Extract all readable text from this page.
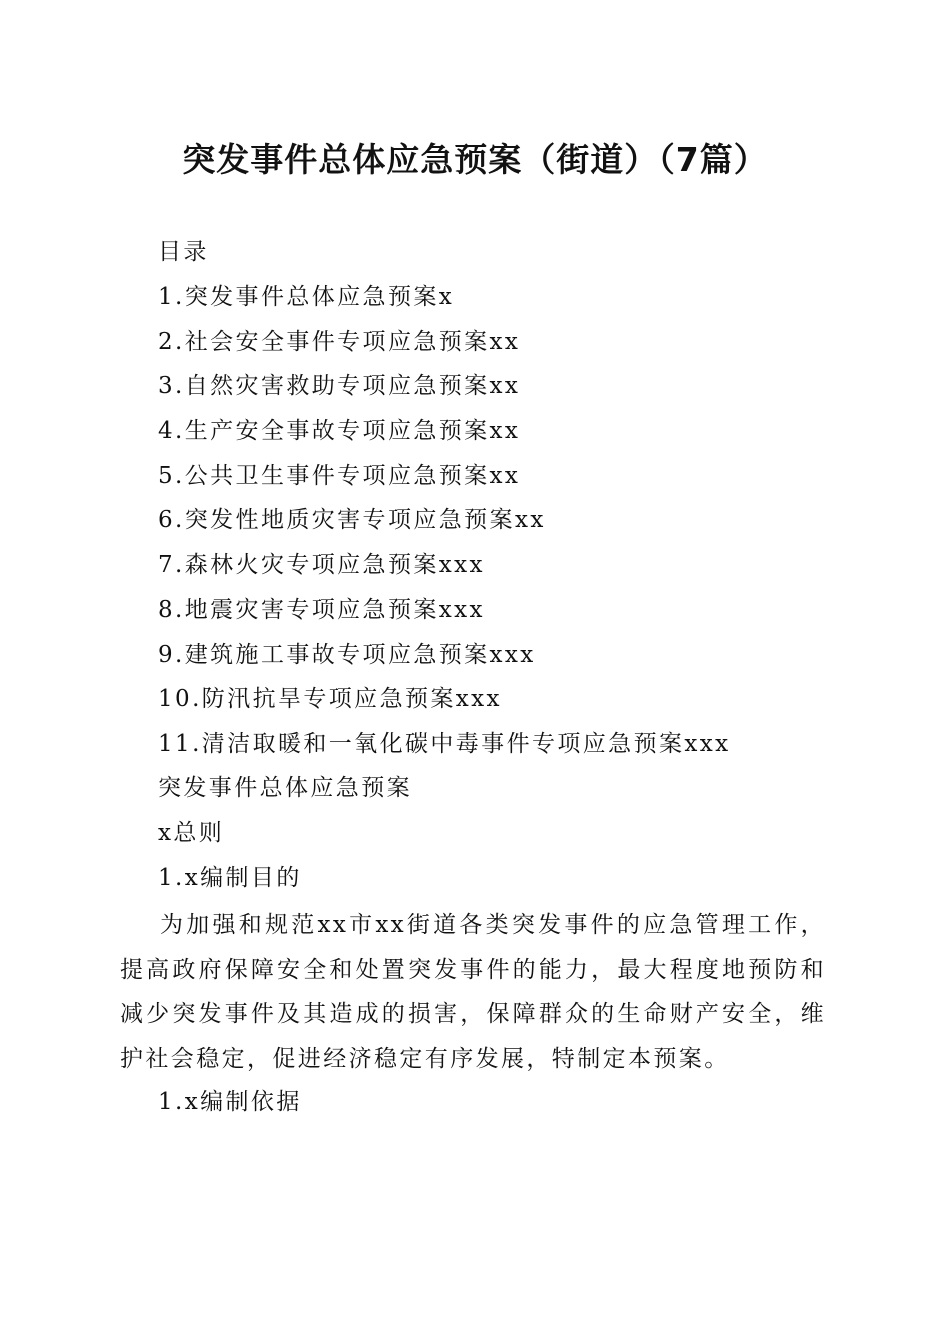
突发事件总体应急预案（街道）（7篇）
目录
1.突发事件总体应急预案x
2.社会安全事件专项应急预案xx
3.自然灾害救助专项应急预案xx
4.生产安全事故专项应急预案xx
5.公共卫生事件专项应急预案xx
6.突发性地质灾害专项应急预案xx
7.森林火灾专项应急预案xxx
8.地震灾害专项应急预案xxx
9.建筑施工事故专项应急预案xxx
10.防汛抗旱专项应急预案xxx
11.清洁取暖和一氧化碳中毒事件专项应急预案xxx
突发事件总体应急预案
x总则
1.x编制目的
为加强和规范xx市xx街道各类突发事件的应急管理工作，提高政府保障安全和处置突发事件的能力，最大程度地预防和减少突发事件及其造成的损害，保障群众的生命财产安全，维护社会稳定，促进经济稳定有序发展，特制定本预案。
1.x编制依据
